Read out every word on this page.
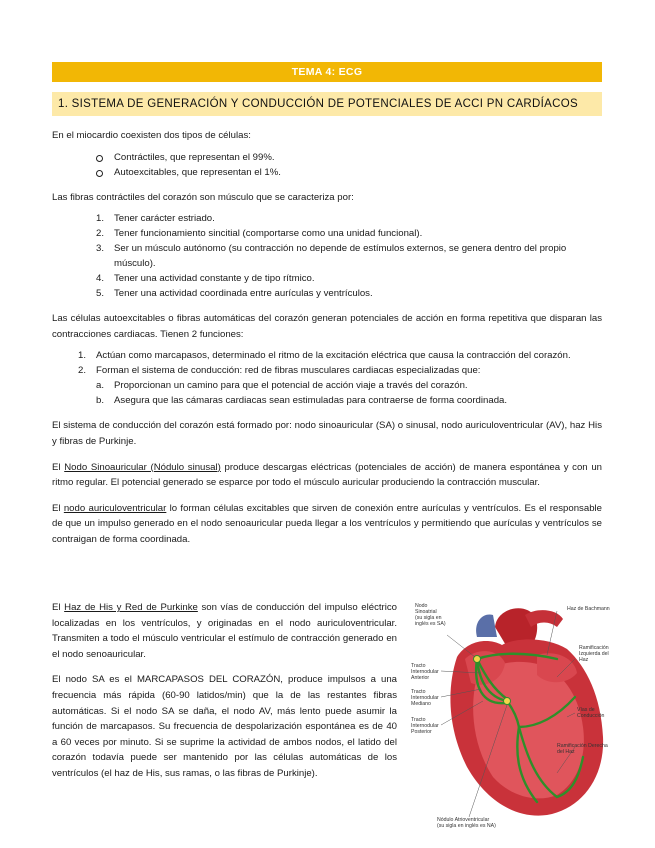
TEMA 4: ECG
1. SISTEMA DE GENERACIÓN Y CONDUCCIÓN DE POTENCIALES DE ACCI PN CARDÍACOS

En el miocardio coexisten dos tipos de células:

Contráctiles, que representan el 99%.
Autoexcitables, que representan el 1%.

Las fibras contráctiles del corazón son músculo que se caracteriza por:

1. Tener carácter estriado.
2. Tener funcionamiento sincitial (comportarse como una unidad funcional).
3. Ser un músculo autónomo (su contracción no depende de estímulos externos, se genera dentro del propio músculo).
4. Tener una actividad constante y de tipo rítmico.
5. Tener una actividad coordinada entre aurículas y ventrículos.

Las células autoexcitables o fibras automáticas del corazón generan potenciales de acción en forma repetitiva que disparan las contracciones cardiacas. Tienen 2 funciones:

1. Actúan como marcapasos, determinado el ritmo de la excitación eléctrica que causa la contracción del corazón.
2. Forman el sistema de conducción: red de fibras musculares cardiacas especializadas que:
a. Proporcionan un camino para que el potencial de acción viaje a través del corazón.
b. Asegura que las cámaras cardiacas sean estimuladas para contraerse de forma coordinada.

El sistema de conducción del corazón está formado por: nodo sinoauricular (SA) o sinusal, nodo auriculoventricular (AV), haz His y fibras de Purkinje.

El Nodo Sinoauricular (Nódulo sinusal) produce descargas eléctricas (potenciales de acción) de manera espontánea y con un ritmo regular. El potencial generado se esparce por todo el músculo auricular produciendo la contracción muscular.

El nodo auriculoventricular lo forman células excitables que sirven de conexión entre aurículas y ventrículos. Es el responsable de que un impulso generado en el nodo senoauricular pueda llegar a los ventrículos y permitiendo que aurículas y ventrículos se contraigan de forma coordinada.

El Haz de His y Red de Purkinke son vías de conducción del impulso eléctrico localizadas en los ventrículos, y originadas en el nodo auriculoventricular. Transmiten a todo el músculo ventricular el estímulo de contracción generado en el nodo senoauricular.

El nodo SA es el MARCAPASOS DEL CORAZÓN, produce impulsos a una frecuencia más rápida (60-90 latidos/min) que la de las restantes fibras automáticas. Si el nodo SA se daña, el nodo AV, más lento puede asumir la función de marcapasos. Su frecuencia de despolarización espontánea es de 40 a 60 veces por minuto. Si se suprime la actividad de ambos nodos, el latido del corazón todavía puede ser mantenido por las células automáticas de los ventrículos (el haz de His, sus ramas, o las fibras de Purkinje).

Nodo Sinoatrial (su sigla en inglés es SA)
Haz de Bachmann
Ramificación Izquierda del Haz
Tracto Internodular Anterior
Tracto Internodular Mediano
Tracto Internodular Posterior
Vías de Conducción
Ramificación Derecha del Haz
Nódulo Atrioventricular (su sigla en inglés es NA)
